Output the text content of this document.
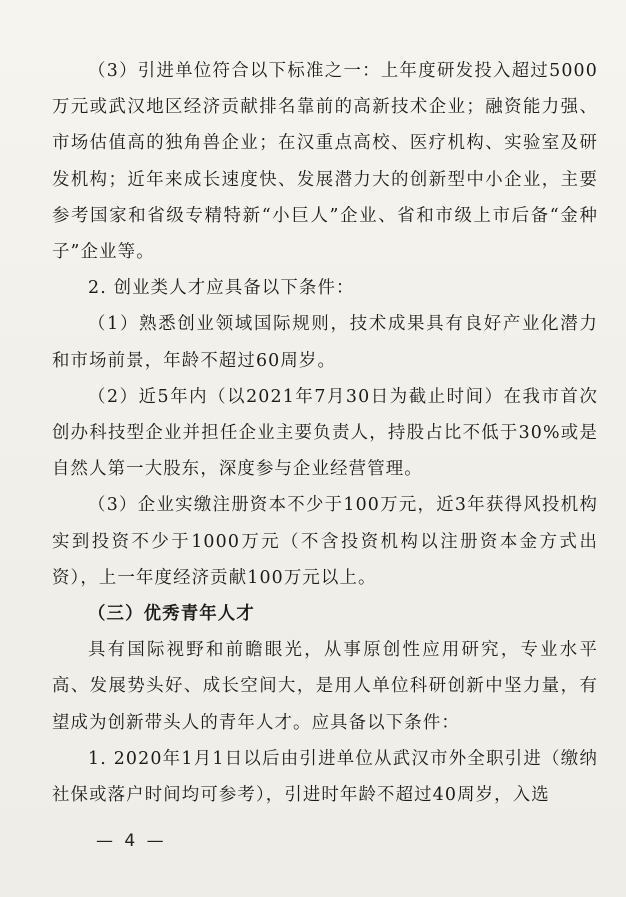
（3）引进单位符合以下标准之一：上年度研发投入超过5000万元或武汉地区经济贡献排名靠前的高新技术企业；融资能力强、市场估值高的独角兽企业；在汉重点高校、医疗机构、实验室及研发机构；近年来成长速度快、发展潜力大的创新型中小企业，主要参考国家和省级专精特新“小巨人”企业、省和市级上市后备“金种子”企业等。

2. 创业类人才应具备以下条件：

（1）熟悉创业领域国际规则，技术成果具有良好产业化潜力和市场前景，年龄不超过60周岁。

（2）近5年内（以2021年7月30日为截止时间）在我市首次创办科技型企业并担任企业主要负责人，持股占比不低于30%或是自然人第一大股东，深度参与企业经营管理。

（3）企业实缴注册资本不少于100万元，近3年获得风投机构实到投资不少于1000万元（不含投资机构以注册资本金方式出资），上一年度经济贡献100万元以上。

（三）优秀青年人才

具有国际视野和前瞻眼光，从事原创性应用研究，专业水平高、发展势头好、成长空间大，是用人单位科研创新中坚力量，有望成为创新带头人的青年人才。应具备以下条件：

1. 2020年1月1日以后由引进单位从武汉市外全职引进（缴纳社保或落户时间均可参考），引进时年龄不超过40周岁，入选

— 4 —
